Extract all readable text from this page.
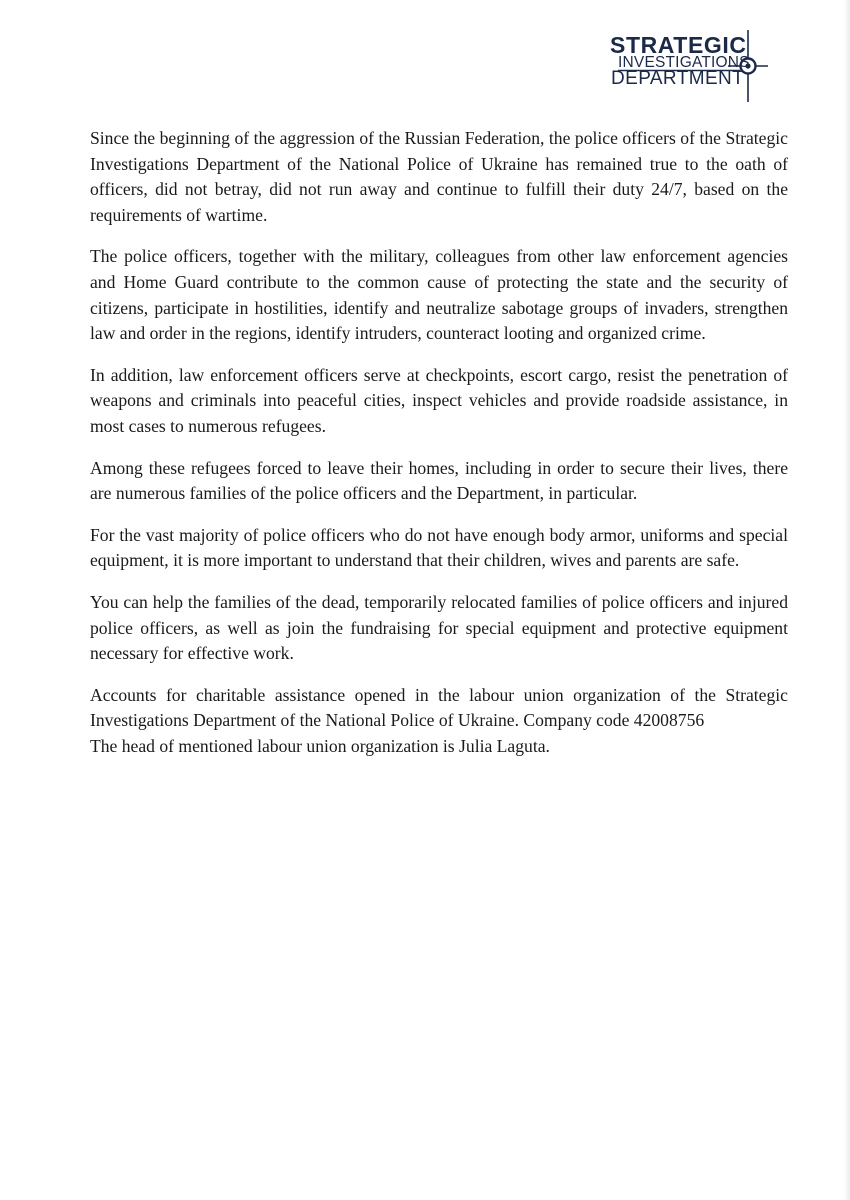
STRATEGIC
INVESTIGATIONS
DEPARTMENT

Since the beginning of the aggression of the Russian Federation, the police officers of the Strategic Investigations Department of the National Police of Ukraine has remained true to the oath of officers, did not betray, did not run away and continue to fulfill their duty 24/7, based on the requirements of wartime.

The police officers, together with the military, colleagues from other law enforcement agencies and Home Guard contribute to the common cause of protecting the state and the security of citizens, participate in hostilities, identify and neutralize sabotage groups of invaders, strengthen law and order in the regions, identify intruders, counteract looting and organized crime.

In addition, law enforcement officers serve at checkpoints, escort cargo, resist the penetration of weapons and criminals into peaceful cities, inspect vehicles and provide roadside assistance, in most cases to numerous refugees.

Among these refugees forced to leave their homes, including in order to secure their lives, there are numerous families of the police officers and the Department, in particular.

For the vast majority of police officers who do not have enough body armor, uniforms and special equipment, it is more important to understand that their children, wives and parents are safe.

You can help the families of the dead, temporarily relocated families of police officers and injured police officers, as well as join the fundraising for special equipment and protective equipment necessary for effective work.

Accounts for charitable assistance opened in the labour union organization of the Strategic Investigations Department of the National Police of Ukraine. Company code 42008756

The head of mentioned labour union organization is Julia Laguta.
